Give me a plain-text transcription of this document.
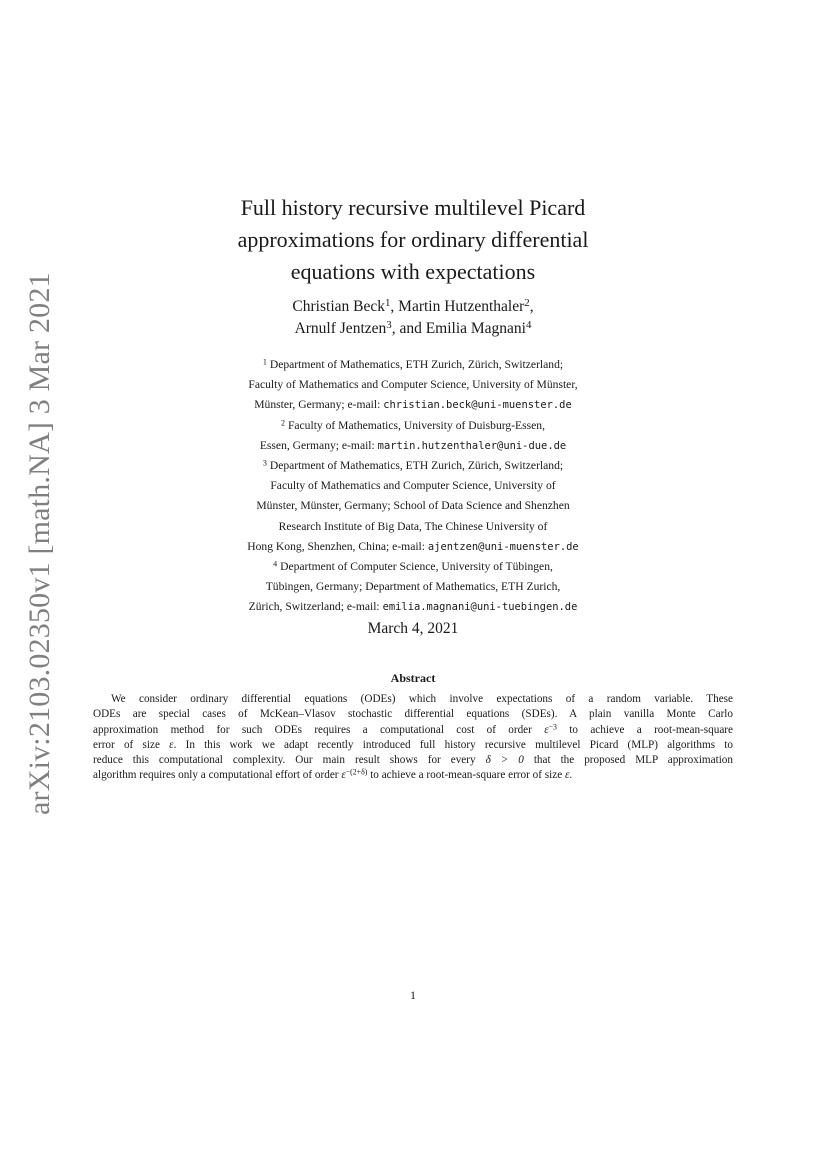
arXiv:2103.02350v1 [math.NA] 3 Mar 2021
Full history recursive multilevel Picard
approximations for ordinary differential
equations with expectations
Christian Beck$^1$, Martin Hutzenthaler$^2$,
Arnulf Jentzen$^3$, and Emilia Magnani$^4$
$^1$ Department of Mathematics, ETH Zurich, Zürich, Switzerland;
Faculty of Mathematics and Computer Science, University of Münster,
Münster, Germany; e-mail: christian.beck@uni-muenster.de
$^2$ Faculty of Mathematics, University of Duisburg-Essen,
Essen, Germany; e-mail: martin.hutzenthaler@uni-due.de
$^3$ Department of Mathematics, ETH Zurich, Zürich, Switzerland;
Faculty of Mathematics and Computer Science, University of
Münster, Münster, Germany; School of Data Science and Shenzhen
Research Institute of Big Data, The Chinese University of
Hong Kong, Shenzhen, China; e-mail: ajentzen@uni-muenster.de
$^4$ Department of Computer Science, University of Tübingen,
Tübingen, Germany; Department of Mathematics, ETH Zurich,
Zürich, Switzerland; e-mail: emilia.magnani@uni-tuebingen.de
March 4, 2021
Abstract
We consider ordinary differential equations (ODEs) which involve expectations of a random variable. These
ODEs are special cases of McKean–Vlasov stochastic differential equations (SDEs). A plain vanilla Monte Carlo
approximation method for such ODEs requires a computational cost of order $\varepsilon^{-3}$ to achieve a root-mean-square
error of size ε. In this work we adapt recently introduced full history recursive multilevel Picard (MLP) algorithms to
reduce this computational complexity. Our main result shows for every δ > 0 that the proposed MLP approximation
algorithm requires only a computational effort of order $\varepsilon^{-(2+\delta)}$ to achieve a root-mean-square error of size ε.
1
